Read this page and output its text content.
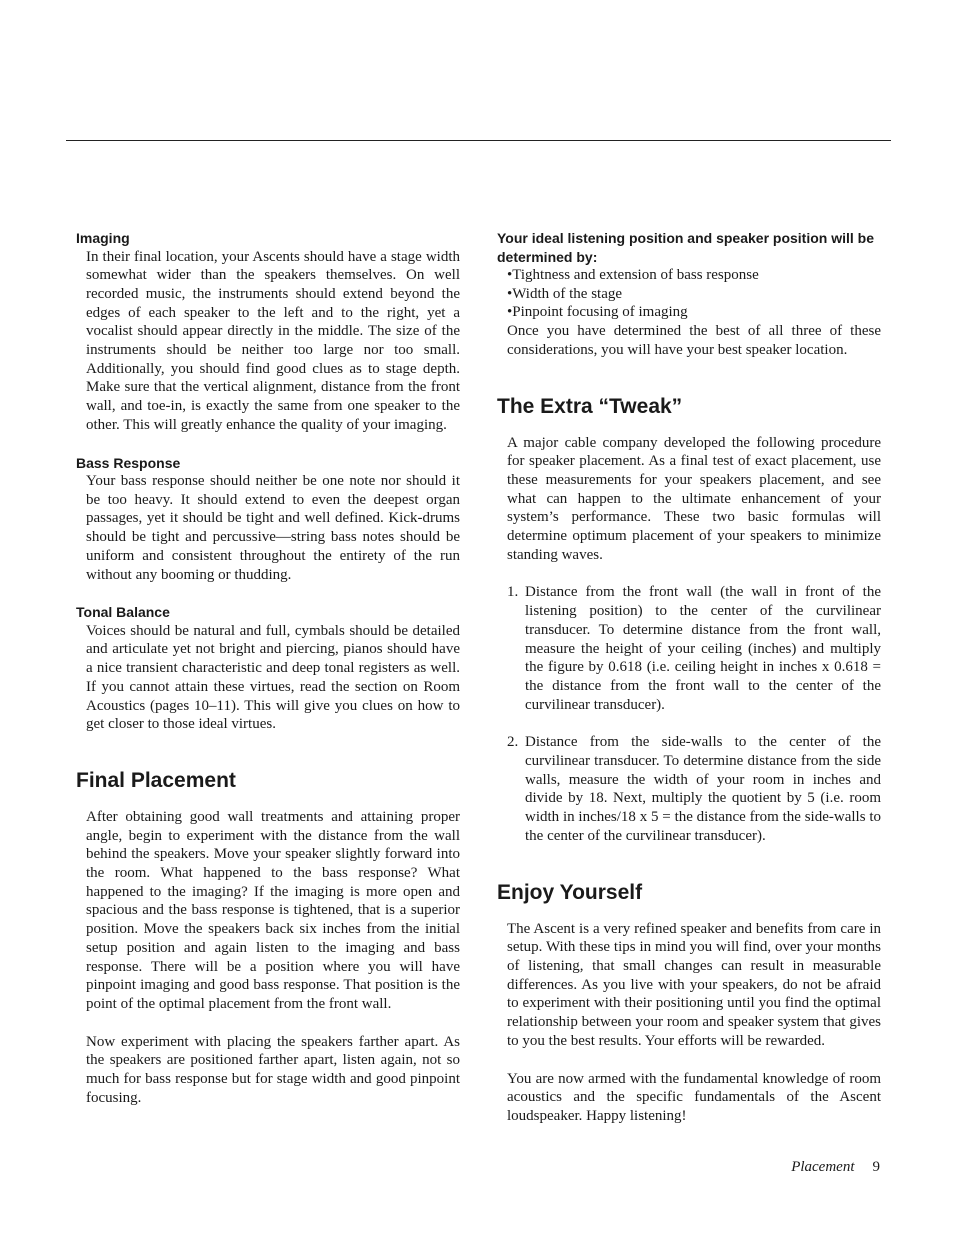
Imaging

In their final location, your Ascents should have a stage width somewhat wider than the speakers themselves. On well recorded music, the instruments should extend beyond the edges of each speaker to the left and to the right, yet a vocalist should appear directly in the middle. The size of the instruments should be neither too large nor too small. Additionally, you should find good clues as to stage depth. Make sure that the vertical alignment, distance from the front wall, and toe-in, is exactly the same from one speaker to the other. This will greatly enhance the quality of your imaging.

Bass Response

Your bass response should neither be one note nor should it be too heavy. It should extend to even the deepest organ passages, yet it should be tight and well defined. Kick-drums should be tight and percussive—string bass notes should be uniform and consistent throughout the entirety of the run without any booming or thudding.

Tonal Balance

Voices should be natural and full, cymbals should be detailed and articulate yet not bright and piercing, pianos should have a nice transient characteristic and deep tonal registers as well. If you cannot attain these virtues, read the section on Room Acoustics (pages 10–11). This will give you clues on how to get closer to those ideal virtues.

Final Placement

After obtaining good wall treatments and attaining proper angle, begin to experiment with the distance from the wall behind the speakers. Move your speaker slightly forward into the room. What happened to the bass response? What happened to the imaging? If the imaging is more open and spacious and the bass response is tightened, that is a superior position. Move the speakers back six inches from the initial setup position and again listen to the imaging and bass response. There will be a position where you will have pinpoint imaging and good bass response. That position is the point of the optimal placement from the front wall.

Now experiment with placing the speakers farther apart. As the speakers are positioned farther apart, listen again, not so much for bass response but for stage width and good pinpoint focusing.

Your ideal listening position and speaker position will be determined by:
•Tightness and extension of bass response
•Width of the stage
•Pinpoint focusing of imaging

Once you have determined the best of all three of these considerations, you will have your best speaker location.

The Extra “Tweak”

A major cable company developed the following procedure for speaker placement. As a final test of exact placement, use these measurements for your speakers placement, and see what can happen to the ultimate enhancement of your system’s performance. These two basic formulas will determine optimum placement of your speakers to minimize standing waves.

1. Distance from the front wall (the wall in front of the listening position) to the center of the curvilinear transducer. To determine distance from the front wall, measure the height of your ceiling (inches) and multiply the figure by 0.618 (i.e. ceiling height in inches x 0.618 = the distance from the front wall to the center of the curvilinear transducer).
2. Distance from the side-walls to the center of the curvilinear transducer. To determine distance from the side walls, measure the width of your room in inches and divide by 18. Next, multiply the quotient by 5 (i.e. room width in inches/18 x 5 = the distance from the side-walls to the center of the curvilinear transducer).
Enjoy Yourself

The Ascent is a very refined speaker and benefits from care in setup. With these tips in mind you will find, over your months of listening, that small changes can result in measurable differences. As you live with your speakers, do not be afraid to experiment with their positioning until you find the optimal relationship between your room and speaker system that gives to you the best results. Your efforts will be rewarded.

You are now armed with the fundamental knowledge of room acoustics and the specific fundamentals of the Ascent loudspeaker. Happy listening!

Placement 9
